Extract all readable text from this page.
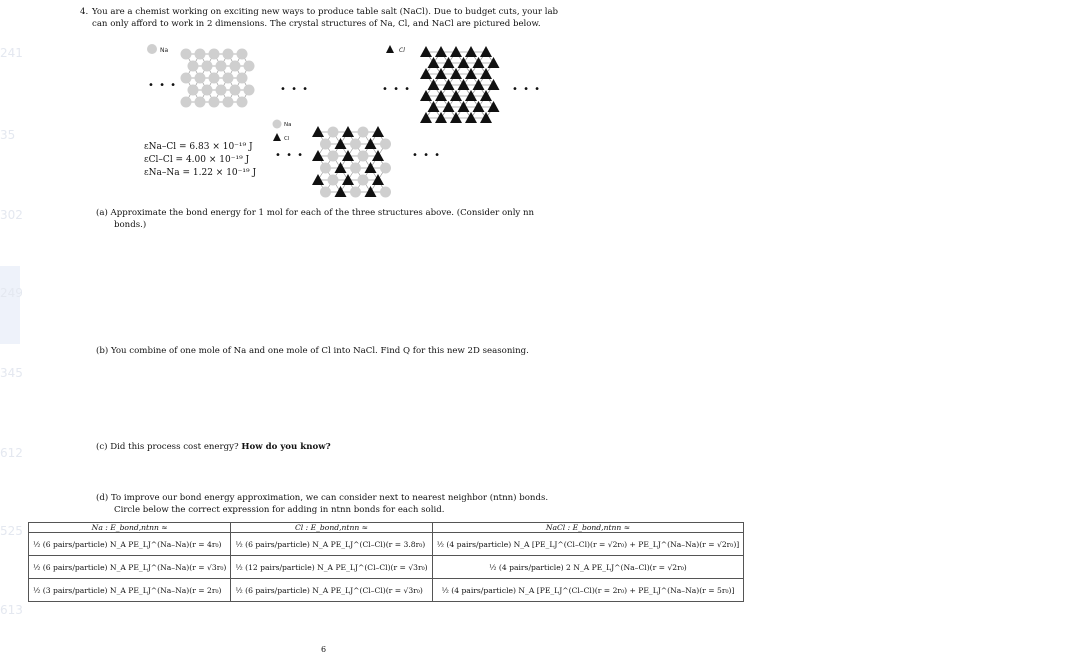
241
35
302
249
345
612
525
613
4. You are a chemist working on exciting new ways to produce table salt (NaCl). Due to budget cuts, your lab
can only afford to work in 2 dimensions. The crystal structures of Na, Cl, and NaCl are pictured below.
Na
• • •	• • •
Cl
• • •	• • •
Na
Cl
• • •	• • •
εNa–Cl = 6.83 × 10⁻¹⁹ J
εCl–Cl = 4.00 × 10⁻¹⁹ J
εNa–Na = 1.22 × 10⁻¹⁹ J
(a) Approximate the bond energy for 1 mol for each of the three structures above. (Consider only nn
bonds.)
(b) You combine of one mole of Na and one mole of Cl into NaCl. Find Q for this new 2D seasoning.
(c) Did this process cost energy? How do you know?
(d) To improve our bond energy approximation, we can consider next to nearest neighbor (ntnn) bonds.
Circle below the correct expression for adding in ntnn bonds for each solid.
Na : E_bond,ntnn ≈	Cl : E_bond,ntnn ≈	NaCl : E_bond,ntnn ≈
½ (6 pairs/particle) N_A PE_LJ^(Na–Na)(r = 4r₀)	½ (6 pairs/particle) N_A PE_LJ^(Cl–Cl)(r = 3.8r₀)	½ (4 pairs/particle) N_A [PE_LJ^(Cl–Cl)(r = √2r₀) + PE_LJ^(Na–Na)(r = √2r₀)]
½ (6 pairs/particle) N_A PE_LJ^(Na–Na)(r = √3r₀)	½ (12 pairs/particle) N_A PE_LJ^(Cl–Cl)(r = √3r₀)	½ (4 pairs/particle) 2 N_A PE_LJ^(Na–Cl)(r = √2r₀)
½ (3 pairs/particle) N_A PE_LJ^(Na–Na)(r = 2r₀)	½ (6 pairs/particle) N_A PE_LJ^(Cl–Cl)(r = √3r₀)	½ (4 pairs/particle) N_A [PE_LJ^(Cl–Cl)(r = 2r₀) + PE_LJ^(Na–Na)(r = 5r₀)]
6
